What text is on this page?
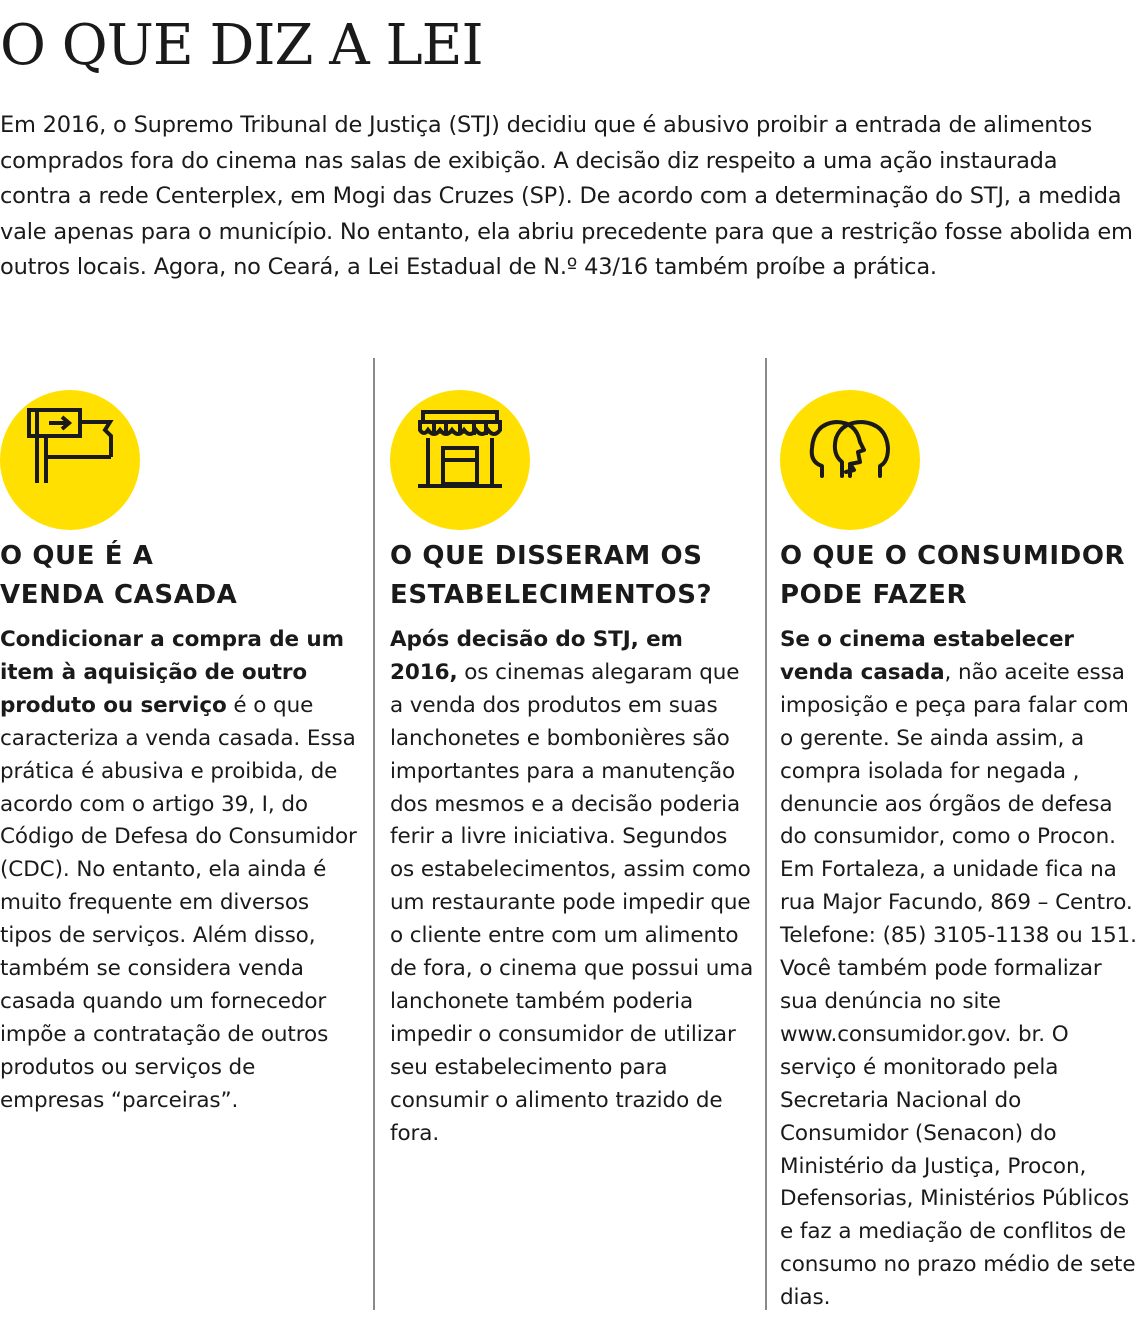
O QUE DIZ A LEI

Em 2016, o Supremo Tribunal de Justiça (STJ) decidiu que é abusivo proibir a entrada de alimentos comprados fora do cinema nas salas de exibição. A decisão diz respeito a uma ação instaurada contra a rede Centerplex, em Mogi das Cruzes (SP). De acordo com a determinação do STJ, a medida vale apenas para o município. No entanto, ela abriu precedente para que a restrição fosse abolida em outros locais. Agora, no Ceará, a Lei Estadual de N.º 43/16 também proíbe a prática.

O QUE É A
VENDA CASADA

Condicionar a compra de um item à aquisição de outro produto ou serviço é o que caracteriza a venda casada. Essa prática é abusiva e proibida, de acordo com o artigo 39, I, do Código de Defesa do Consumidor (CDC). No entanto, ela ainda é muito frequente em diversos tipos de serviços. Além disso, também se considera venda casada quando um fornecedor impõe a contratação de outros produtos ou serviços de empresas “parceiras”.

O QUE DISSERAM OS
ESTABELECIMENTOS?

Após decisão do STJ, em 2016, os cinemas alegaram que a venda dos produtos em suas lanchonetes e bombonières são importantes para a manutenção dos mesmos e a decisão poderia ferir a livre iniciativa. Segundos os estabelecimentos, assim como um restaurante pode impedir que o cliente entre com um alimento de fora, o cinema que possui uma lanchonete também poderia impedir o consumidor de utilizar seu estabelecimento para consumir o alimento trazido de fora.

O QUE O CONSUMIDOR
PODE FAZER

Se o cinema estabelecer venda casada, não aceite essa imposição e peça para falar com o gerente. Se ainda assim, a compra isolada for negada , denuncie aos órgãos de defesa do consumidor, como o Procon. Em Fortaleza, a unidade fica na rua Major Facundo, 869 – Centro. Telefone: (85) 3105-1138 ou 151. Você também pode formalizar sua denúncia no site www.consumidor.gov. br. O serviço é monitorado pela Secretaria Nacional do Consumidor (Senacon) do Ministério da Justiça, Procon, Defensorias, Ministérios Públicos e faz a mediação de conflitos de consumo no prazo médio de sete dias.
